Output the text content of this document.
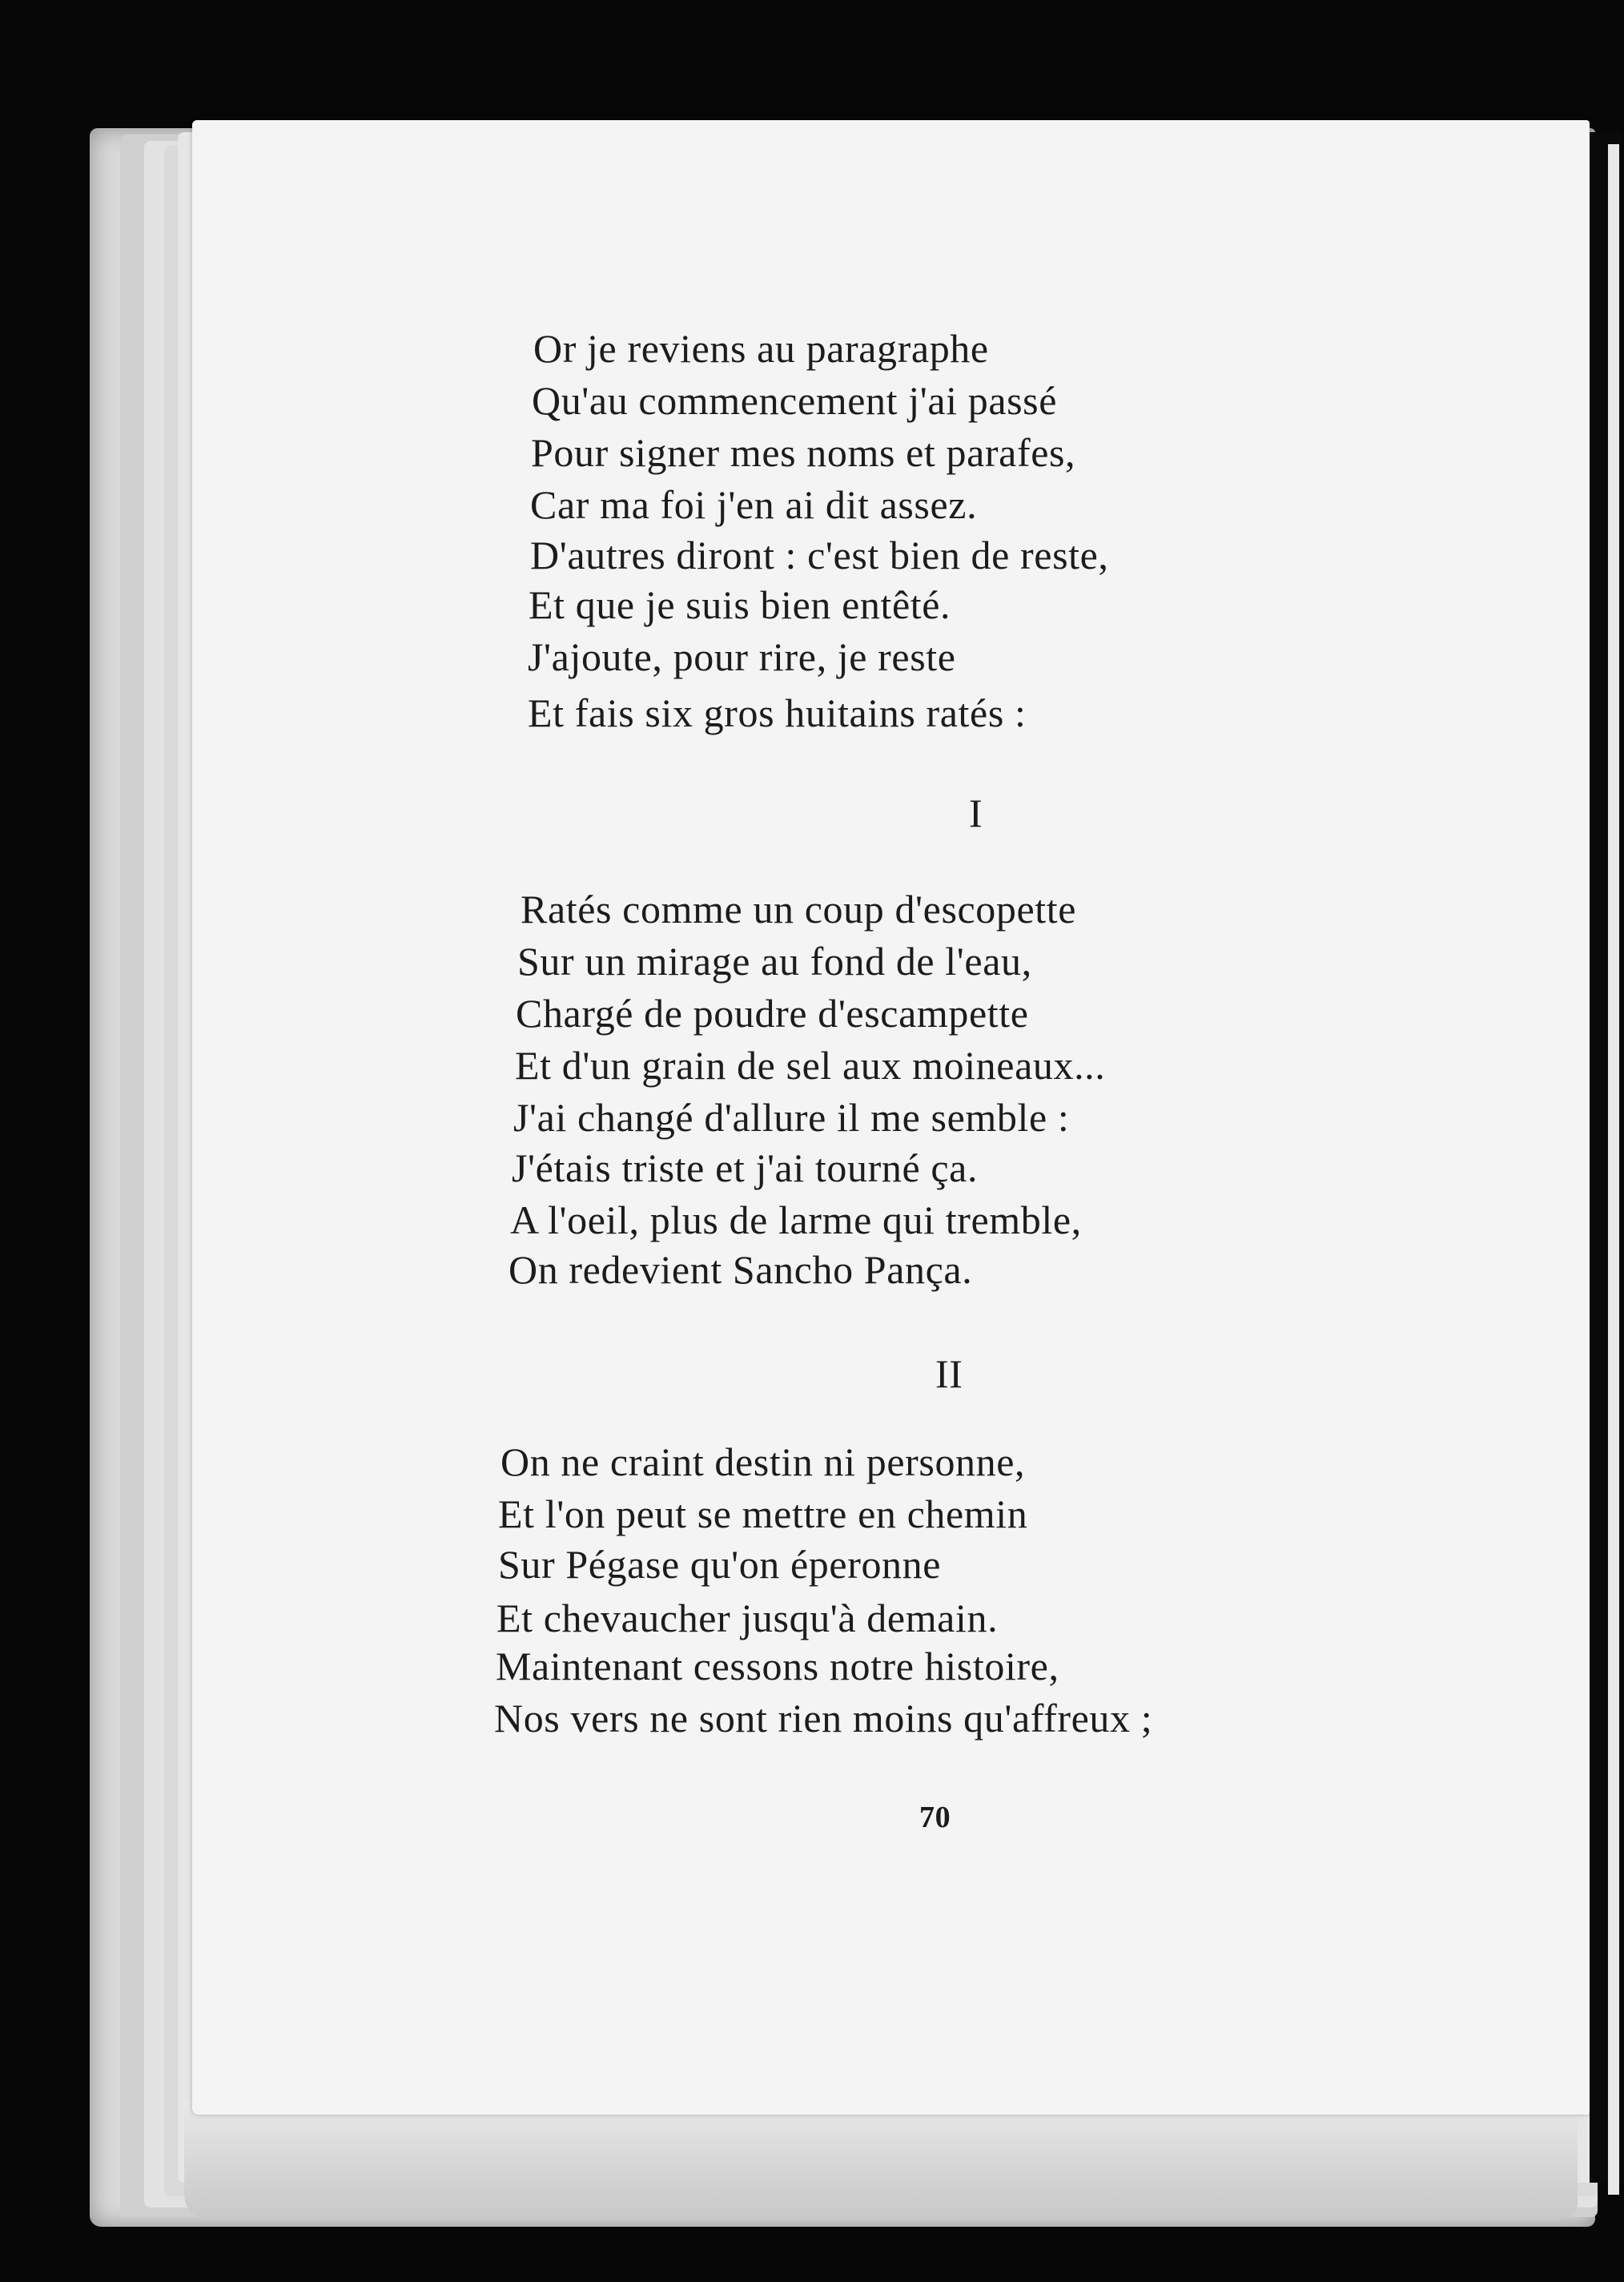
Or je reviens au paragraphe
Qu'au commencement j'ai passé
Pour signer mes noms et parafes,
Car ma foi j'en ai dit assez.
D'autres diront : c'est bien de reste,
Et que je suis bien entêté.
J'ajoute, pour rire, je reste
Et fais six gros huitains ratés :
I
Ratés comme un coup d'escopette
Sur un mirage au fond de l'eau,
Chargé de poudre d'escampette
Et d'un grain de sel aux moineaux...
J'ai changé d'allure il me semble :
J'étais triste et j'ai tourné ça.
A l'oeil, plus de larme qui tremble,
On redevient Sancho Pança.
II
On ne craint destin ni personne,
Et l'on peut se mettre en chemin
Sur Pégase qu'on éperonne
Et chevaucher jusqu'à demain.
Maintenant cessons notre histoire,
Nos vers ne sont rien moins qu'affreux ;
70
